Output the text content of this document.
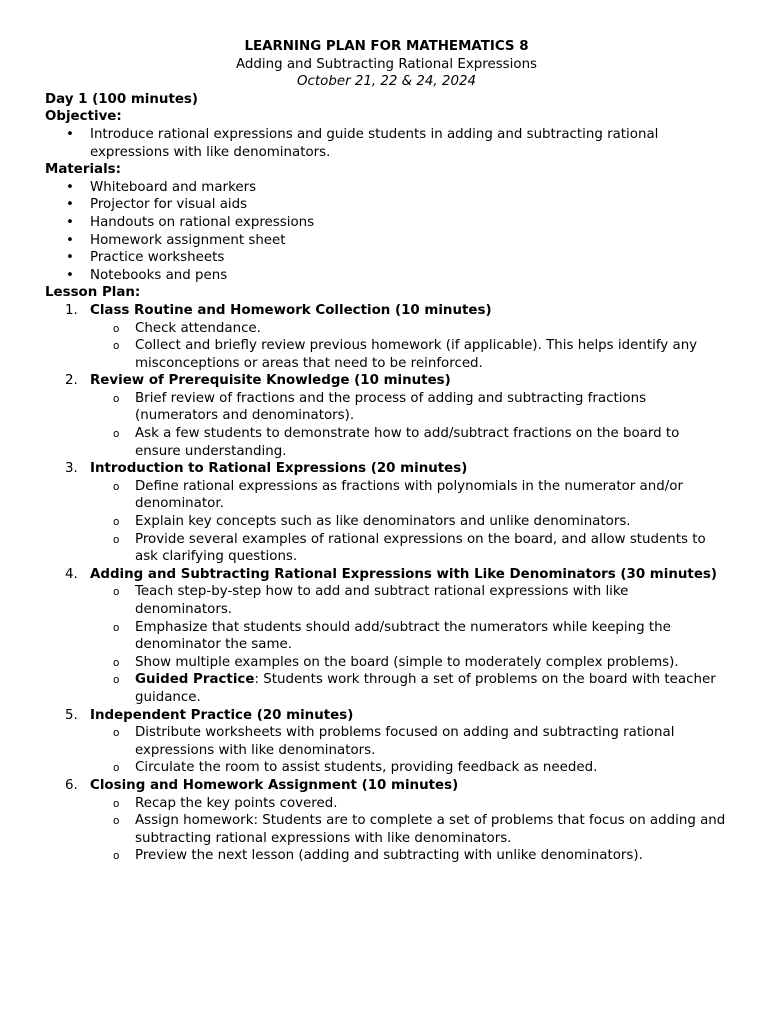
LEARNING PLAN FOR MATHEMATICS 8
Adding and Subtracting Rational Expressions
October 21, 22 & 24, 2024
Day 1 (100 minutes)
Objective:
• Introduce rational expressions and guide students in adding and subtracting rational expressions with like denominators.
Materials:
• Whiteboard and markers
• Projector for visual aids
• Handouts on rational expressions
• Homework assignment sheet
• Practice worksheets
• Notebooks and pens
Lesson Plan:
1. Class Routine and Homework Collection (10 minutes)
o Check attendance.
o Collect and briefly review previous homework (if applicable). This helps identify any misconceptions or areas that need to be reinforced.
2. Review of Prerequisite Knowledge (10 minutes)
o Brief review of fractions and the process of adding and subtracting fractions (numerators and denominators).
o Ask a few students to demonstrate how to add/subtract fractions on the board to ensure understanding.
3. Introduction to Rational Expressions (20 minutes)
o Define rational expressions as fractions with polynomials in the numerator and/or denominator.
o Explain key concepts such as like denominators and unlike denominators.
o Provide several examples of rational expressions on the board, and allow students to ask clarifying questions.
4. Adding and Subtracting Rational Expressions with Like Denominators (30 minutes)
o Teach step-by-step how to add and subtract rational expressions with like denominators.
o Emphasize that students should add/subtract the numerators while keeping the denominator the same.
o Show multiple examples on the board (simple to moderately complex problems).
o Guided Practice: Students work through a set of problems on the board with teacher guidance.
5. Independent Practice (20 minutes)
o Distribute worksheets with problems focused on adding and subtracting rational expressions with like denominators.
o Circulate the room to assist students, providing feedback as needed.
6. Closing and Homework Assignment (10 minutes)
o Recap the key points covered.
o Assign homework: Students are to complete a set of problems that focus on adding and subtracting rational expressions with like denominators.
o Preview the next lesson (adding and subtracting with unlike denominators).
